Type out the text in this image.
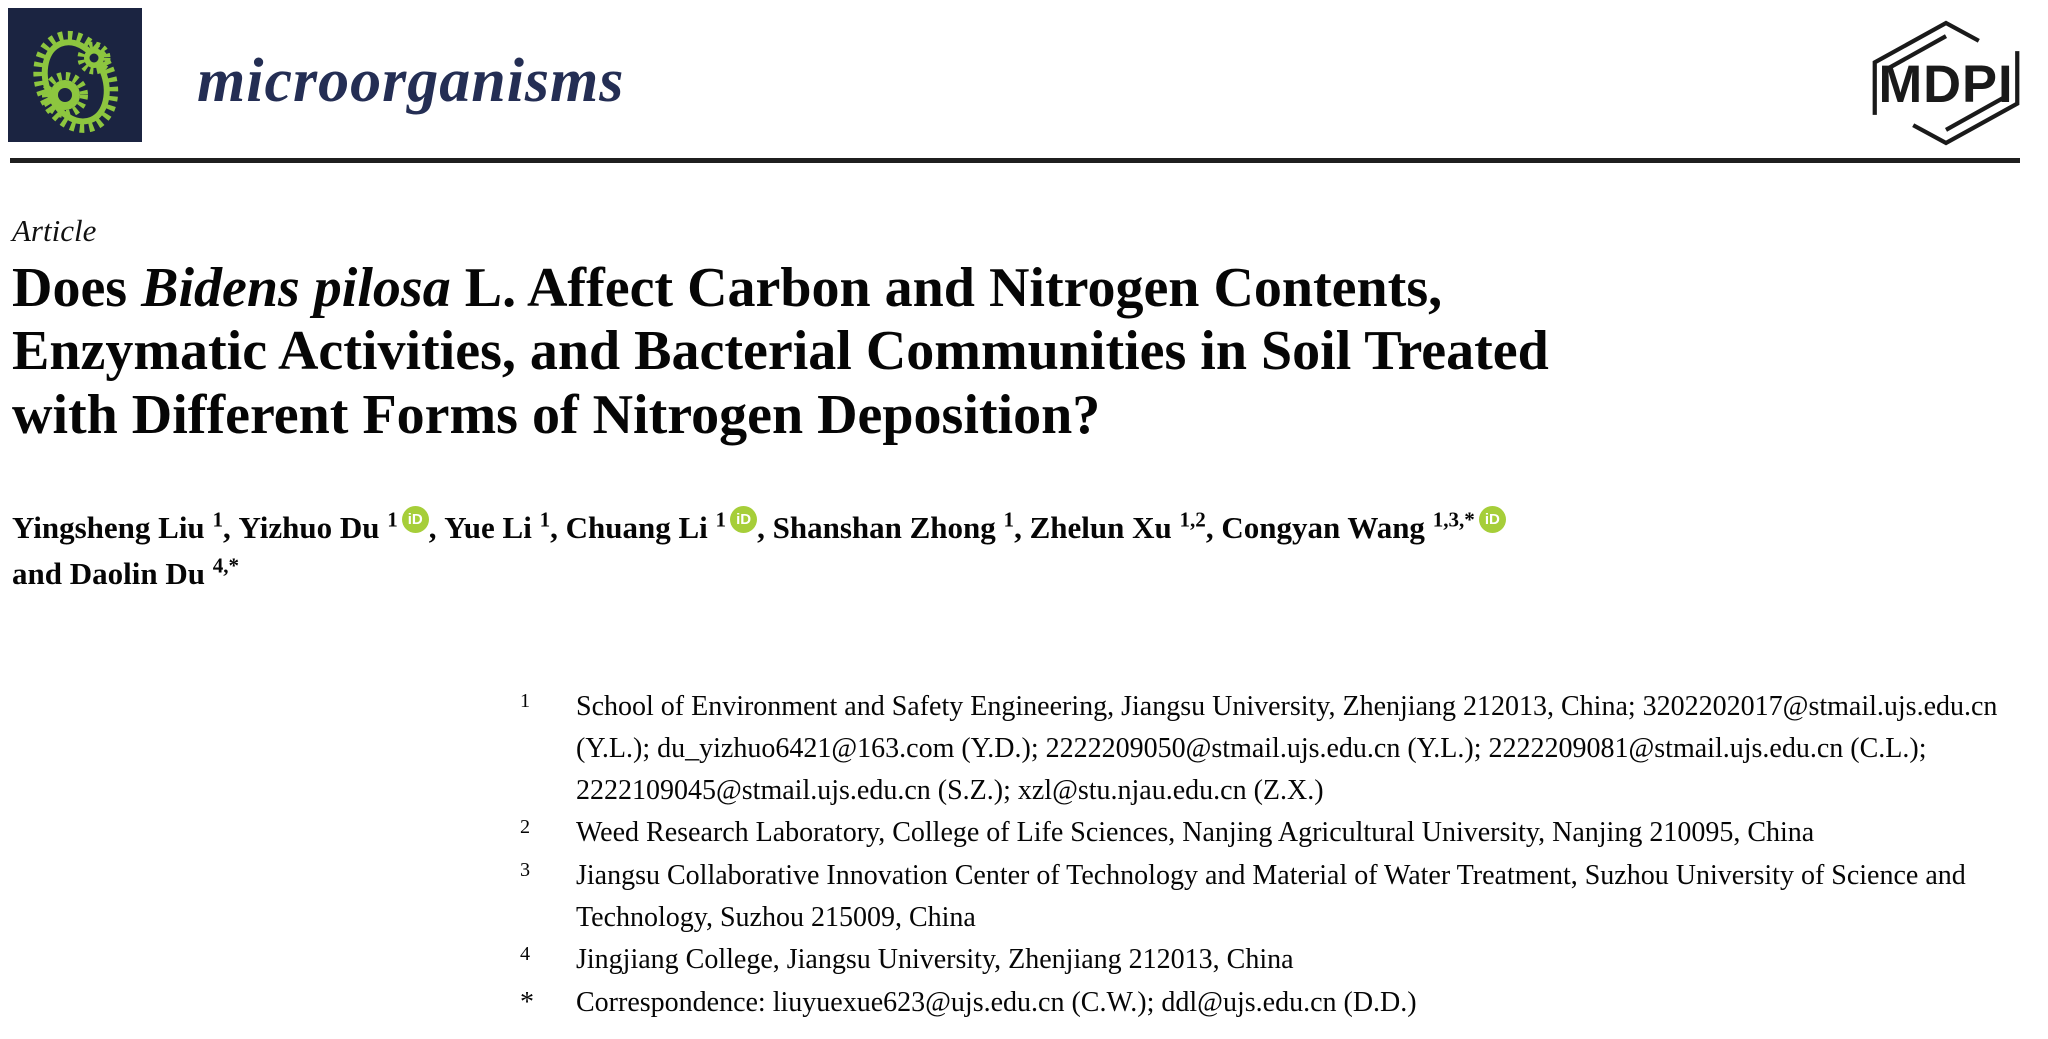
microorganisms	MDPI
Article
Does Bidens pilosa L. Affect Carbon and Nitrogen Contents,
Enzymatic Activities, and Bacterial Communities in Soil Treated
with Different Forms of Nitrogen Deposition?

Yingsheng Liu $^1$, Yizhuo Du $^1$ iD , Yue Li $^1$, Chuang Li $^1$ iD , Shanshan Zhong $^1$, Zhelun Xu $^{1,2}$, Congyan Wang $^{1,3,*}$ iD
and Daolin Du $^{4,*}$

$^1$	School of Environment and Safety Engineering, Jiangsu University, Zhenjiang 212013, China; 3202202017@stmail.ujs.edu.cn (Y.L.); du_yizhuo6421@163.com (Y.D.); 2222209050@stmail.ujs.edu.cn (Y.L.); 2222209081@stmail.ujs.edu.cn (C.L.); 2222109045@stmail.ujs.edu.cn (S.Z.); xzl@stu.njau.edu.cn (Z.X.)
$^2$	Weed Research Laboratory, College of Life Sciences, Nanjing Agricultural University, Nanjing 210095, China
$^3$	Jiangsu Collaborative Innovation Center of Technology and Material of Water Treatment, Suzhou University of Science and Technology, Suzhou 215009, China
$^4$	Jingjiang College, Jiangsu University, Zhenjiang 212013, China
*	Correspondence: liuyuexue623@ujs.edu.cn (C.W.); ddl@ujs.edu.cn (D.D.)
